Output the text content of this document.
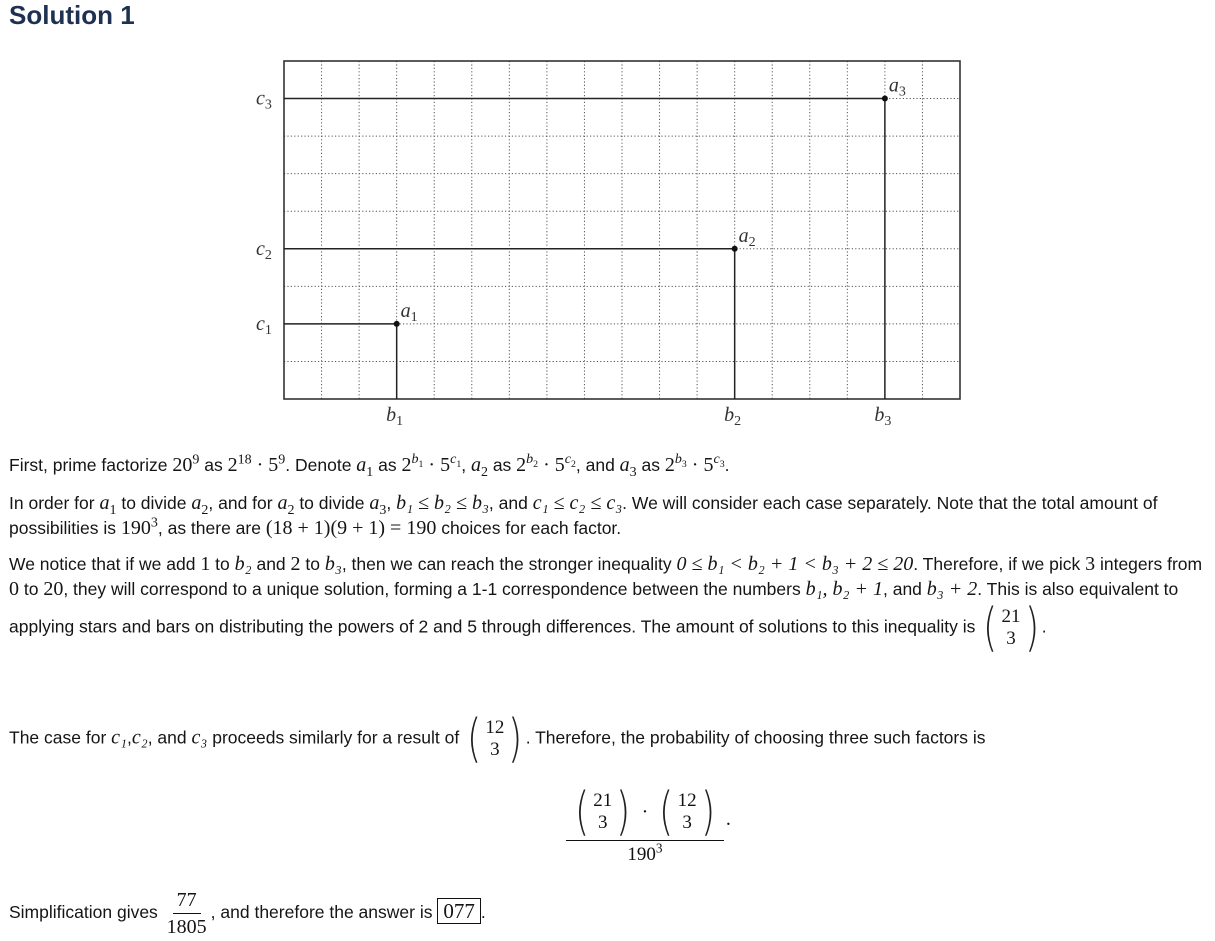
Solution 1
$a_1$
$b_1$
$c_1$
$a_2$
$b_2$
$c_2$
$a_3$
$b_3$
$c_3$
First, prime factorize $20^9$ as $2^{18} \cdot 5^9$. Denote $a_1$ as $2^{b_1} \cdot 5^{c_1}$, $a_2$ as $2^{b_2} \cdot 5^{c_2}$, and $a_3$ as $2^{b_3} \cdot 5^{c_3}$.
In order for $a_1$ to divide $a_2$, and for $a_2$ to divide $a_3$, b₁ ≤ b₂ ≤ b₃, and c₁ ≤ c₂ ≤ c₃. We will consider each case separately. Note that the total amount of possibilities is $190^3$, as there are (18 + 1)(9 + 1) = 190 choices for each factor.
We notice that if we add 1 to b₂ and 2 to b₃, then we can reach the stronger inequality 0 ≤ b₁ < b₂ + 1 < b₃ + 2 ≤ 20. Therefore, if we pick 3 integers from 0 to 20, they will correspond to a unique solution, forming a 1-1 correspondence between the numbers b₁, b₂ + 1, and b₃ + 2. This is also equivalent to applying stars and bars on distributing the powers of 2 and 5 through differences. The amount of solutions to this inequality is ( 21
3 ) .
The case for c₁,c₂, and c₃ proceeds similarly for a result of ( 12
3 ) . Therefore, the probability of choosing three such factors is
( 21
3 ) · ( 12
3 )
$190^3$
.
Simplification gives $\frac{77}{1805}$ , and therefore the answer is 077 .
